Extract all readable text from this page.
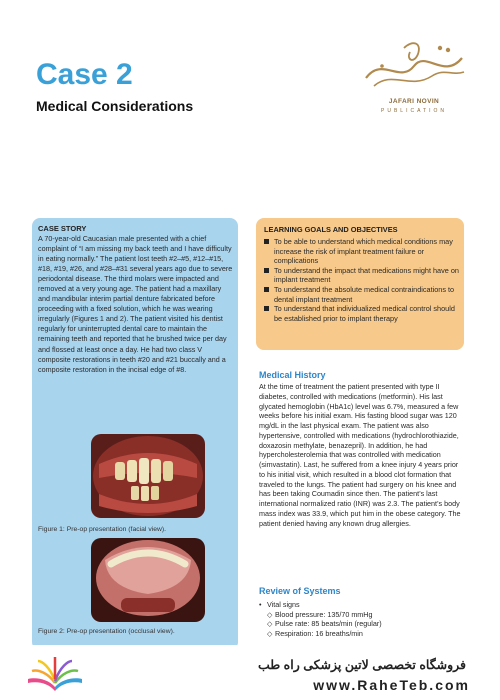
Case 2
Medical Considerations	JAFARI NOVIN
PUBLICATION
CASE STORY

A 70-year-old Caucasian male presented with a chief complaint of “I am missing my back teeth and I have difficulty in eating normally.” The patient lost teeth #2–#5, #12–#15, #18, #19, #26, and #28–#31 several years ago due to severe periodontal disease. The third molars were impacted and removed at a very young age. The patient had a maxillary and mandibular interim partial denture fabricated before proceeding with a fixed solution, which he was wearing irregularly (Figures 1 and 2). The patient visited his dentist regularly for uninterrupted dental care to maintain the remaining teeth and reported that he brushed twice per day and flossed at least once a day. He had two class V composite restorations in teeth #20 and #21 buccally and a composite restoration in the incisal edge of #8.

Figure 1: Pre-op presentation (facial view).
Figure 2: Pre-op presentation (occlusal view).
LEARNING GOALS AND OBJECTIVES
To be able to understand which medical conditions may increase the risk of implant treatment failure or complications
To understand the impact that medications might have on implant treatment
To understand the absolute medical contraindications to dental implant treatment
To understand that individualized medical control should be established prior to implant therapy
Medical History

At the time of treatment the patient presented with type II diabetes, controlled with medications (metformin). His last glycated hemoglobin (HbA1c) level was 6.7%, measured a few weeks before his initial exam. His fasting blood sugar was 120 mg/dL in the last physical exam. The patient was also hypertensive, controlled with medications (hydrochlorothiazide, doxazosin methylate, benazepril). In addition, he had hypercholesterolemia that was controlled with medication (simvastatin). Last, he suffered from a knee injury 4 years prior to his initial visit, which resulted in a blood clot formation that traveled to the lungs. The patient had surgery on his knee and has been taking Coumadin since then. The patient’s last international normalized ratio (INR) was 2.3. The patient’s body mass index was 33.9, which put him in the obese category. The patient denied having any known drug allergies.

Review of Systems
• Vital signs
◇ Blood pressure: 135/70 mmHg
◇ Pulse rate: 85 beats/min (regular)
◇ Respiration: 16 breaths/min
فروشگاه تخصصی لاتین پزشکی راه طب
www.RaheTeb.com
